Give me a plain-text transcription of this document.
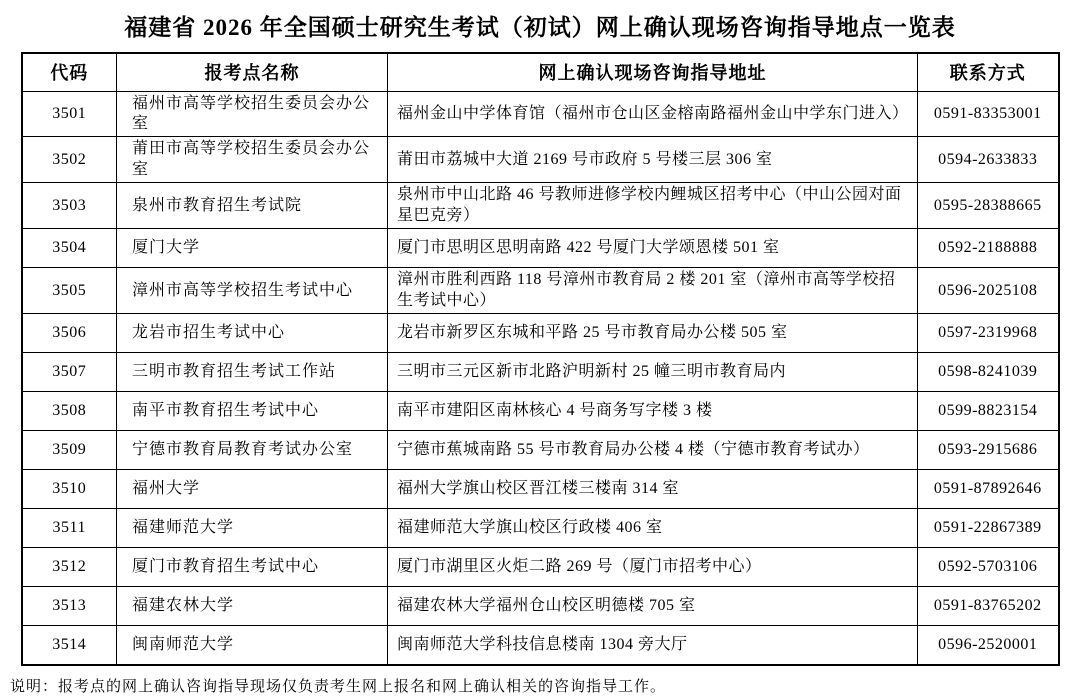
福建省 2026 年全国硕士研究生考试（初试）网上确认现场咨询指导地点一览表
代码	报考点名称	网上确认现场咨询指导地址	联系方式
3501	福州市高等学校招生委员会办公室	福州金山中学体育馆（福州市仓山区金榕南路福州金山中学东门进入）	0591-83353001
3502	莆田市高等学校招生委员会办公室	莆田市荔城中大道 2169 号市政府 5 号楼三层 306 室	0594-2633833
3503	泉州市教育招生考试院	泉州市中山北路 46 号教师进修学校内鲤城区招考中心（中山公园对面星巴克旁）	0595-28388665
3504	厦门大学	厦门市思明区思明南路 422 号厦门大学颂恩楼 501 室	0592-2188888
3505	漳州市高等学校招生考试中心	漳州市胜利西路 118 号漳州市教育局 2 楼 201 室（漳州市高等学校招生考试中心）	0596-2025108
3506	龙岩市招生考试中心	龙岩市新罗区东城和平路 25 号市教育局办公楼 505 室	0597-2319968
3507	三明市教育招生考试工作站	三明市三元区新市北路沪明新村 25 幢三明市教育局内	0598-8241039
3508	南平市教育招生考试中心	南平市建阳区南林核心 4 号商务写字楼 3 楼	0599-8823154
3509	宁德市教育局教育考试办公室	宁德市蕉城南路 55 号市教育局办公楼 4 楼（宁德市教育考试办）	0593-2915686
3510	福州大学	福州大学旗山校区晋江楼三楼南 314 室	0591-87892646
3511	福建师范大学	福建师范大学旗山校区行政楼 406 室	0591-22867389
3512	厦门市教育招生考试中心	厦门市湖里区火炬二路 269 号（厦门市招考中心）	0592-5703106
3513	福建农林大学	福建农林大学福州仓山校区明德楼 705 室	0591-83765202
3514	闽南师范大学	闽南师范大学科技信息楼南 1304 旁大厅	0596-2520001

说明：报考点的网上确认咨询指导现场仅负责考生网上报名和网上确认相关的咨询指导工作。
